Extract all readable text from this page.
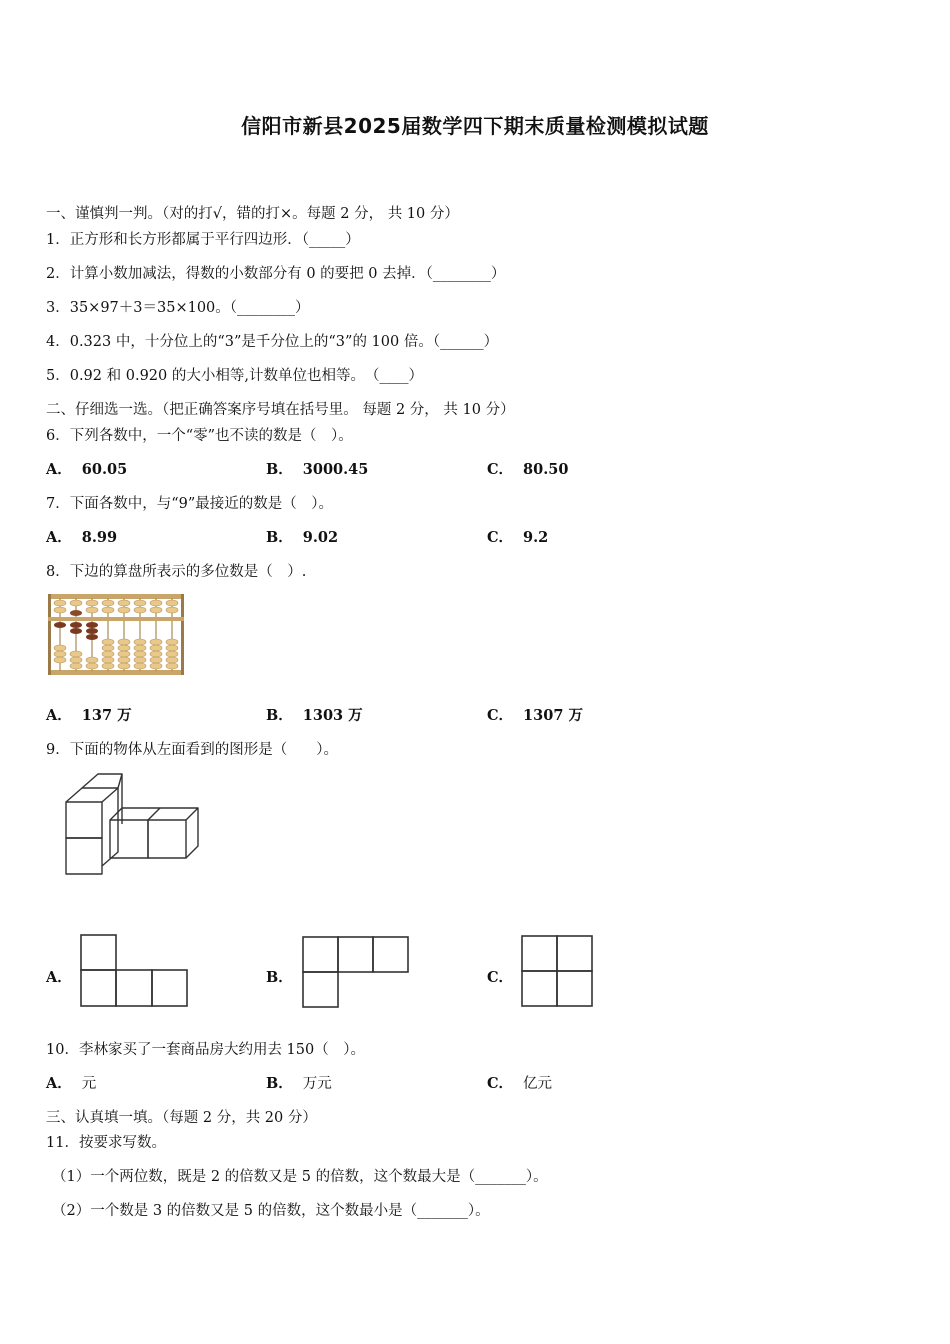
信阳市新县2025届数学四下期末质量检测模拟试题
一、谨慎判一判。（对的打√，错的打×。每题 2 分， 共 10 分）
1．正方形和长方形都属于平行四边形．（_____）
2．计算小数加减法，得数的小数部分有 0 的要把 0 去掉．（________）
3．35×97＋3＝35×100。（________）
4．0.323 中，十分位上的“3”是千分位上的“3”的 100 倍。（______）
5．0.92 和 0.920 的大小相等,计数单位也相等。　（____）
二、仔细选一选。（把正确答案序号填在括号里。 每题 2 分， 共 10 分）
6．下列各数中，一个“零”也不读的数是（　）。
A． 60.05	B． 3000.45	C． 80.50
7．下面各数中，与“9”最接近的数是（　）。
A． 8.99	B． 9.02	C． 9.2
8．下边的算盘所表示的多位数是（　）.
A． 137 万	B． 1303 万	C． 1307 万
9．下面的物体从左面看到的图形是（　　）。
A．	B．	C．
10．李林家买了一套商品房大约用去 150（　）。
A． 元	B． 万元	C． 亿元
三、认真填一填。（每题 2 分，共 20 分）
11．按要求写数。
（1）一个两位数，既是 2 的倍数又是 5 的倍数，这个数最大是（_______）。
（2）一个数是 3 的倍数又是 5 的倍数，这个数最小是（_______）。
